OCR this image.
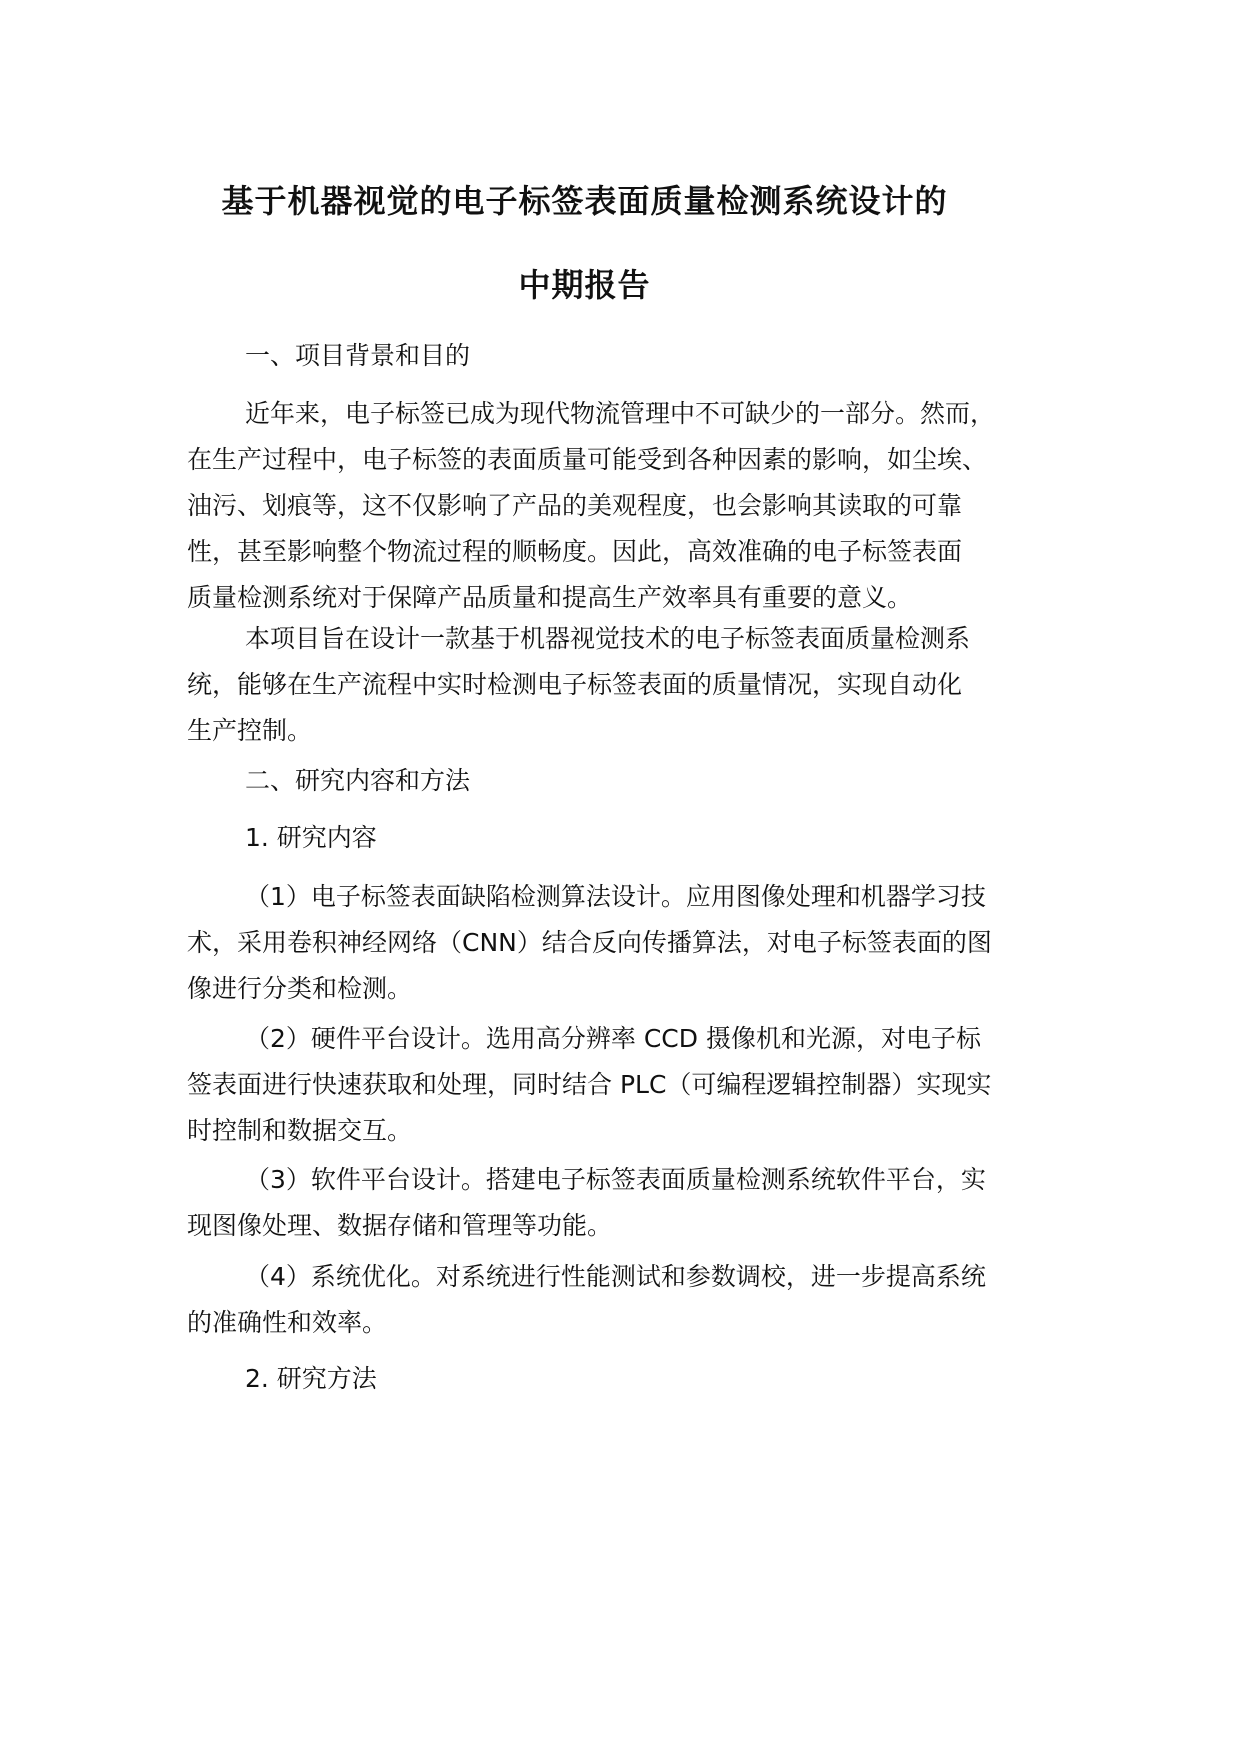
基于机器视觉的电子标签表面质量检测系统设计的
中期报告
一、项目背景和目的
近年来，电子标签已成为现代物流管理中不可缺少的一部分。然而，
在生产过程中，电子标签的表面质量可能受到各种因素的影响，如尘埃、
油污、划痕等，这不仅影响了产品的美观程度，也会影响其读取的可靠
性，甚至影响整个物流过程的顺畅度。因此，高效准确的电子标签表面
质量检测系统对于保障产品质量和提高生产效率具有重要的意义。
本项目旨在设计一款基于机器视觉技术的电子标签表面质量检测系
统，能够在生产流程中实时检测电子标签表面的质量情况，实现自动化
生产控制。
二、研究内容和方法
1. 研究内容
（1）电子标签表面缺陷检测算法设计。应用图像处理和机器学习技
术，采用卷积神经网络（CNN）结合反向传播算法，对电子标签表面的图
像进行分类和检测。
（2）硬件平台设计。选用高分辨率 CCD 摄像机和光源，对电子标
签表面进行快速获取和处理，同时结合 PLC（可编程逻辑控制器）实现实
时控制和数据交互。
（3）软件平台设计。搭建电子标签表面质量检测系统软件平台，实
现图像处理、数据存储和管理等功能。
（4）系统优化。对系统进行性能测试和参数调校，进一步提高系统
的准确性和效率。
2. 研究方法
